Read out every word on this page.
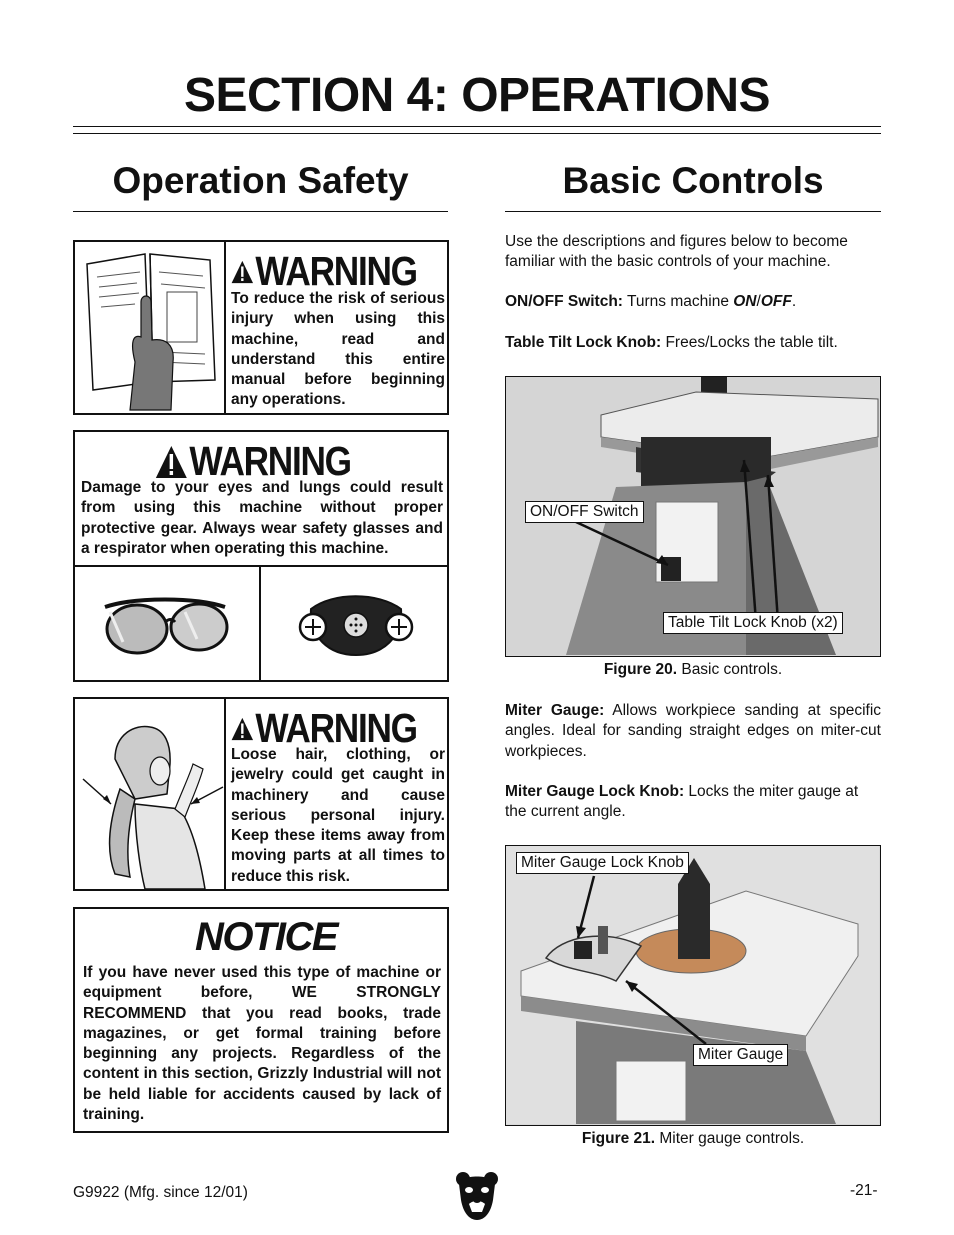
SECTION 4: OPERATIONS
Operation Safety
WARNING
To reduce the risk of serious injury when using this machine, read and understand this entire manual before beginning any operations.
WARNING
Damage to your eyes and lungs could result from using this machine without proper protective gear. Always wear safety glasses and a respirator when operating this machine.
WARNING
Loose hair, clothing, or jewelry could get caught in machinery and cause serious personal injury. Keep these items away from moving parts at all times to reduce this risk.
NOTICE
If you have never used this type of machine or equipment before, WE STRONGLY RECOMMEND that you read books, trade magazines, or get formal training before beginning any projects. Regardless of the content in this section, Grizzly Industrial will not be held liable for accidents caused by lack of training.
Basic Controls
Use the descriptions and figures below to become familiar with the basic controls of your machine.
ON/OFF Switch: Turns machine ON/OFF.
Table Tilt Lock Knob: Frees/Locks the table tilt.
ON/OFF Switch
Table Tilt Lock Knob (x2)
Figure 20. Basic controls.
Miter Gauge: Allows workpiece sanding at specific angles. Ideal for sanding straight edges on miter-cut workpieces.
Miter Gauge Lock Knob: Locks the miter gauge at the current angle.
Miter Gauge Lock Knob
Miter Gauge
Figure 21. Miter gauge controls.
G9922 (Mfg. since 12/01)	-21-
